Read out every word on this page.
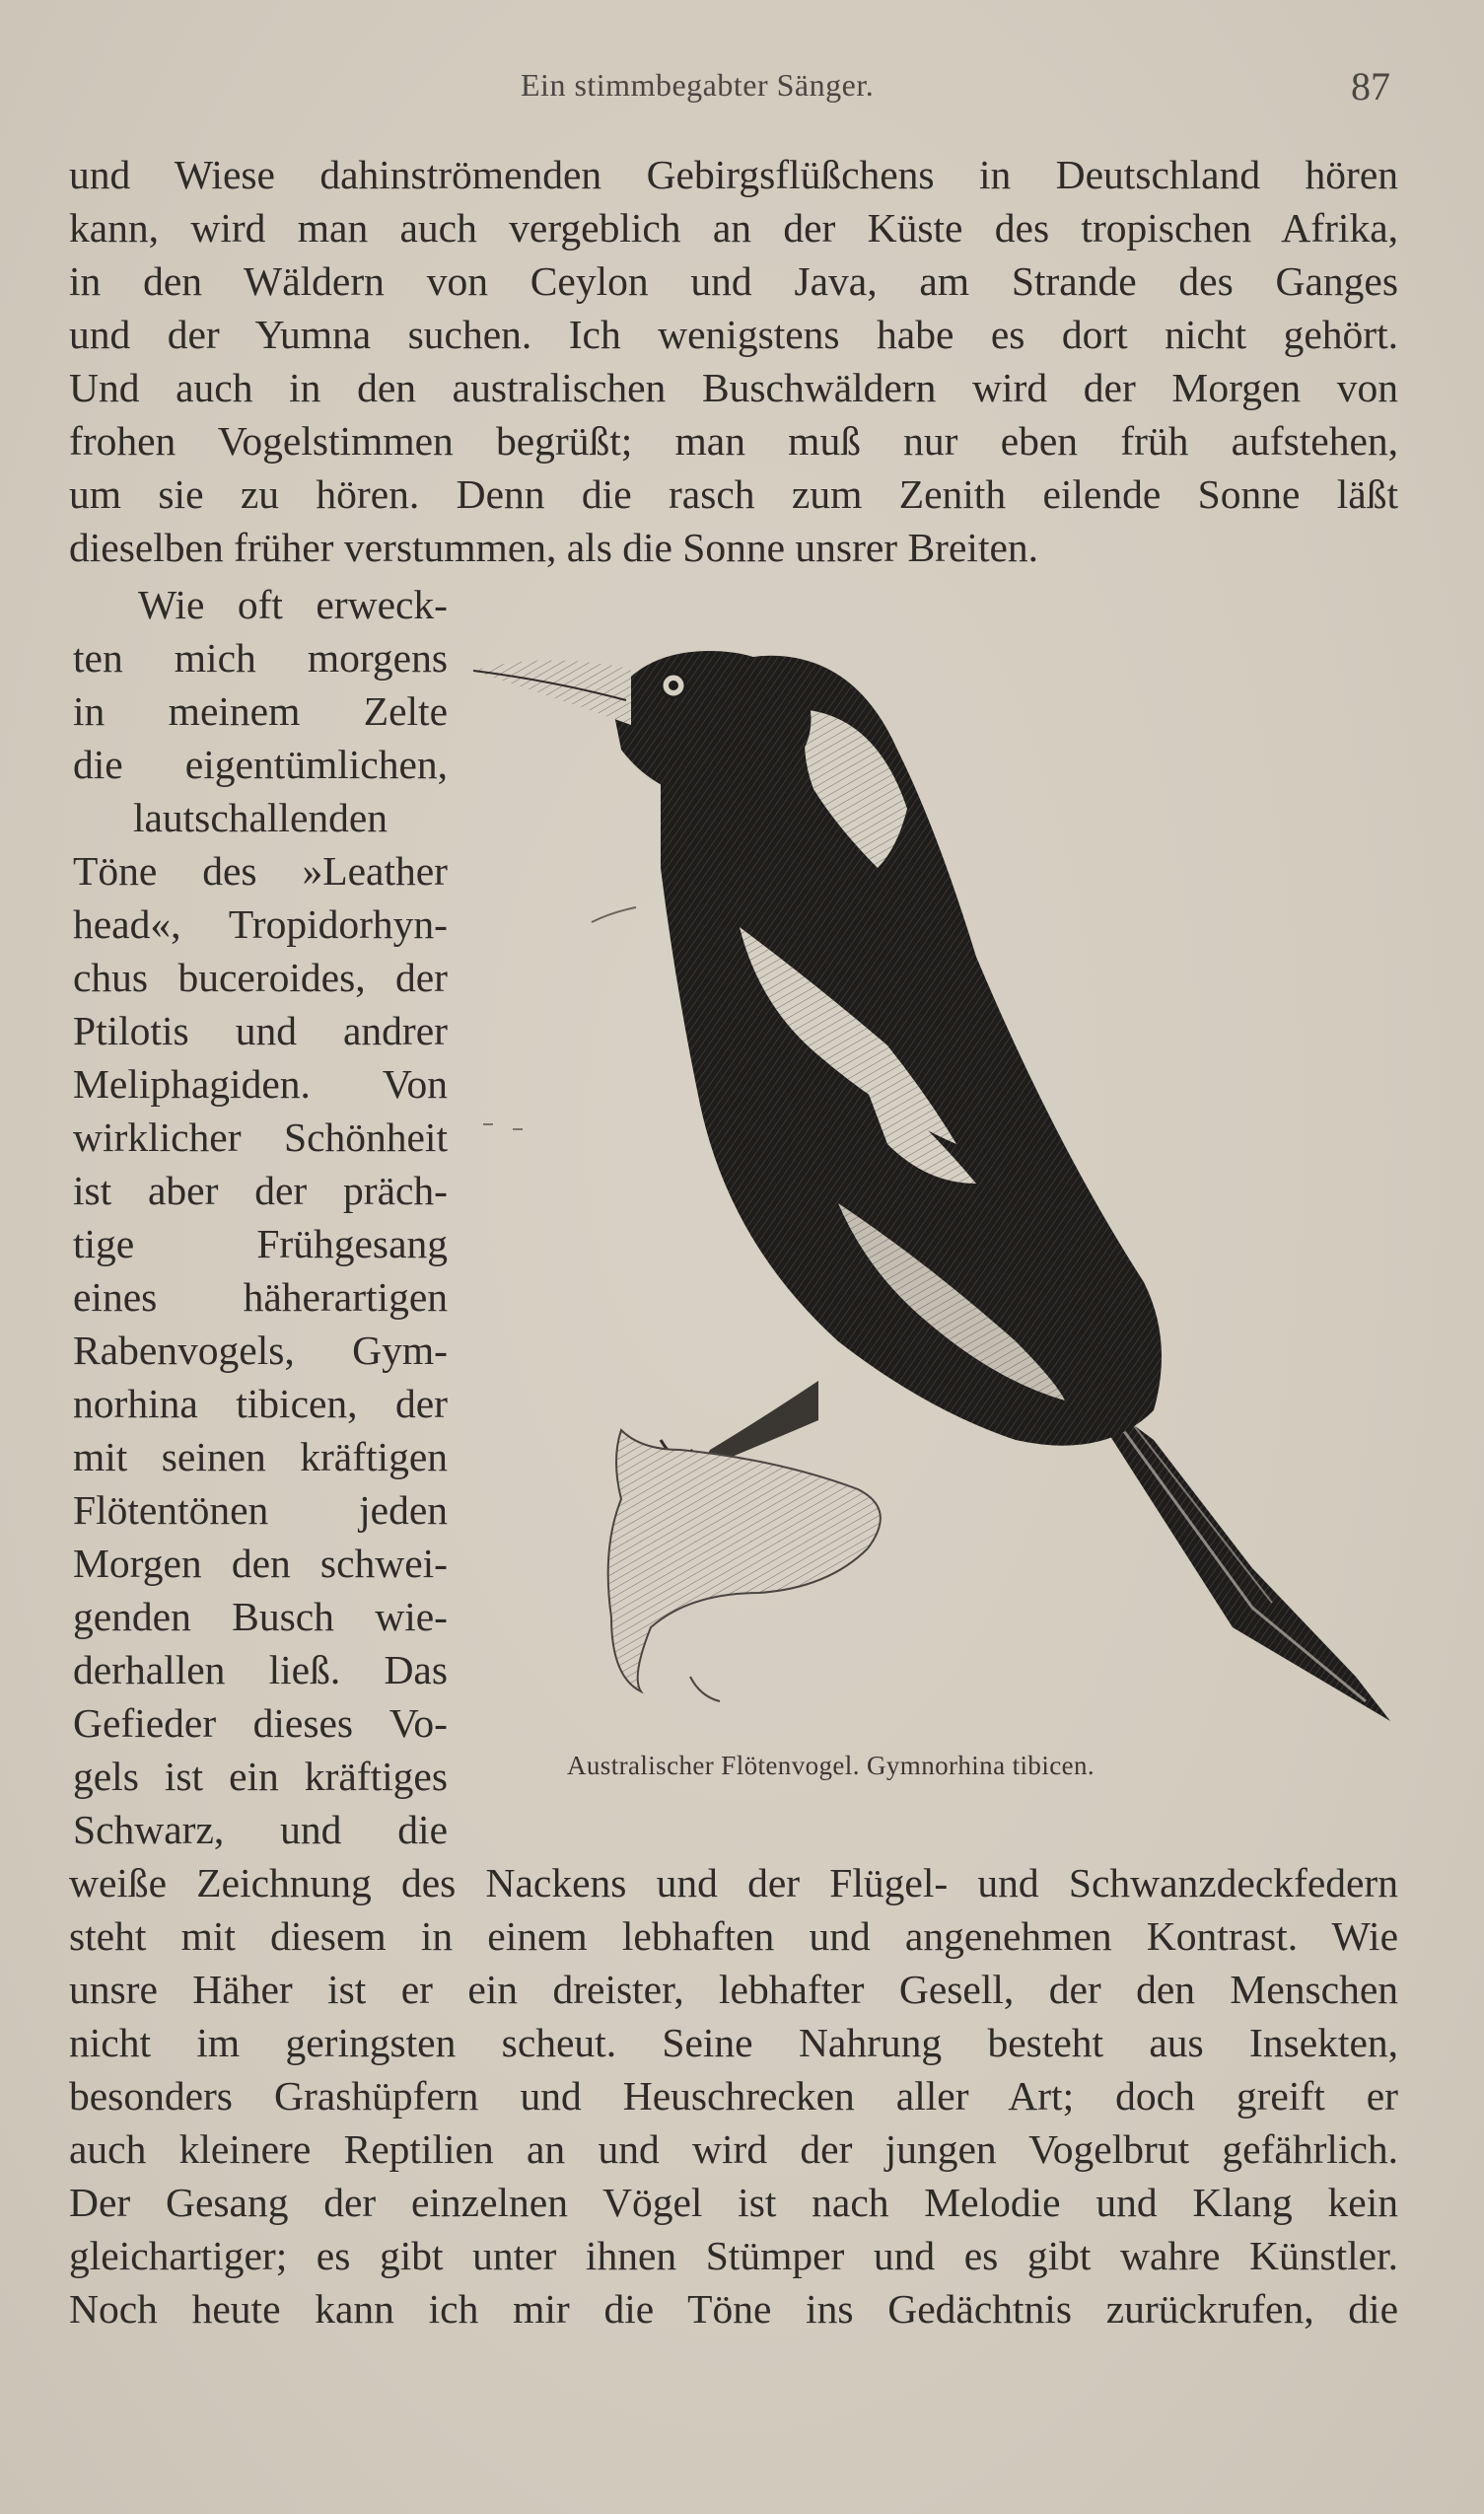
Ein stimmbegabter Sänger.	87
und Wiese dahinströmenden Gebirgsflüßchens in Deutschland hören
kann, wird man auch vergeblich an der Küste des tropischen Afrika,
in den Wäldern von Ceylon und Java, am Strande des Ganges
und der Yumna suchen. Ich wenigstens habe es dort nicht gehört.
Und auch in den australischen Buschwäldern wird der Morgen von
frohen Vogelstimmen begrüßt; man muß nur eben früh aufstehen,
um sie zu hören. Denn die rasch zum Zenith eilende Sonne läßt
dieselben früher verstummen, als die Sonne unsrer Breiten.
Wie oft erweck-
ten mich morgens
in meinem Zelte
die eigentümlichen,
lautschallenden
Töne des »Leather
head«, Tropidorhyn-
chus buceroides, der
Ptilotis und andrer
Meliphagiden. Von
wirklicher Schönheit
ist aber der präch-
tige Frühgesang
eines häherartigen
Rabenvogels, Gym-
norhina tibicen, der
mit seinen kräftigen
Flötentönen jeden
Morgen den schwei-
genden Busch wie-
derhallen ließ. Das
Gefieder dieses Vo-
gels ist ein kräftiges
Schwarz, und die
Australischer Flötenvogel. Gymnorhina tibicen.
weiße Zeichnung des Nackens und der Flügel- und Schwanzdeckfedern
steht mit diesem in einem lebhaften und angenehmen Kontrast. Wie
unsre Häher ist er ein dreister, lebhafter Gesell, der den Menschen
nicht im geringsten scheut. Seine Nahrung besteht aus Insekten,
besonders Grashüpfern und Heuschrecken aller Art; doch greift er
auch kleinere Reptilien an und wird der jungen Vogelbrut gefährlich.
Der Gesang der einzelnen Vögel ist nach Melodie und Klang kein
gleichartiger; es gibt unter ihnen Stümper und es gibt wahre Künstler.
Noch heute kann ich mir die Töne ins Gedächtnis zurückrufen, die
